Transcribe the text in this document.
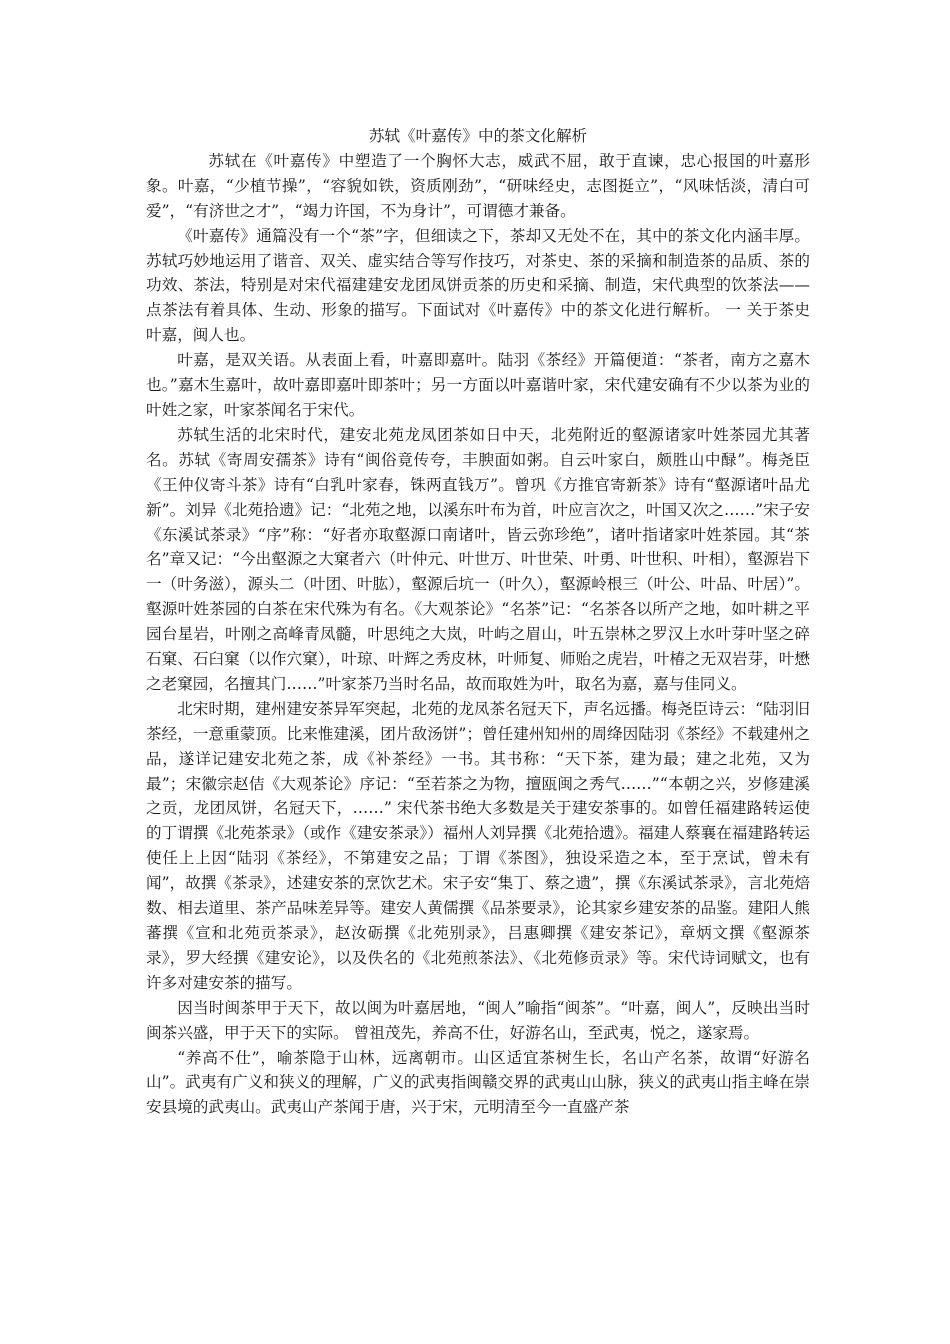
苏轼《叶嘉传》中的茶文化解析

苏轼在《叶嘉传》中塑造了一个胸怀大志，威武不屈，敢于直谏，忠心报国的叶嘉形象。叶嘉，“少植节操”，“容貌如铁，资质刚劲”，“研味经史，志图挺立”，“风味恬淡，清白可爱”，“有济世之才”，“竭力许国，不为身计”，可谓德才兼备。

《叶嘉传》通篇没有一个“茶”字，但细读之下，茶却又无处不在，其中的茶文化内涵丰厚。苏轼巧妙地运用了谐音、双关、虚实结合等写作技巧，对茶史、茶的采摘和制造茶的品质、茶的功效、茶法，特别是对宋代福建建安龙团凤饼贡茶的历史和采摘、制造，宋代典型的饮茶法——点茶法有着具体、生动、形象的描写。下面试对《叶嘉传》中的茶文化进行解析。 一 关于茶史 叶嘉，闽人也。

叶嘉，是双关语。从表面上看，叶嘉即嘉叶。陆羽《茶经》开篇便道：“茶者，南方之嘉木也。”嘉木生嘉叶，故叶嘉即嘉叶即茶叶；另一方面以叶嘉谐叶家，宋代建安确有不少以茶为业的叶姓之家，叶家茶闻名于宋代。

苏轼生活的北宋时代，建安北苑龙凤团茶如日中天，北苑附近的壑源诸家叶姓茶园尤其著名。苏轼《寄周安孺茶》诗有“闽俗竟传夸，丰腴面如粥。自云叶家白，颇胜山中醁”。梅尧臣《王仲仪寄斗茶》诗有“白乳叶家春，铢两直钱万”。曾巩《方推官寄新茶》诗有“壑源诸叶品尤新”。刘异《北苑拾遗》记：“北苑之地，以溪东叶布为首，叶应言次之，叶国又次之……”宋子安《东溪试茶录》“序”称：“好者亦取壑源口南诸叶，皆云弥珍绝”，诸叶指诸家叶姓茶园。其“茶名”章又记：“今出壑源之大窠者六（叶仲元、叶世万、叶世荣、叶勇、叶世积、叶相），壑源岩下一（叶务滋），源头二（叶团、叶肱），壑源后坑一（叶久），壑源岭根三（叶公、叶品、叶居）”。壑源叶姓茶园的白茶在宋代殊为有名。《大观茶论》“名茶”记：“名茶各以所产之地，如叶耕之平园台星岩，叶刚之高峰青凤髓，叶思纯之大岚，叶屿之眉山，叶五崇林之罗汉上水叶芽叶坚之碎石窠、石臼窠（以作穴窠），叶琼、叶辉之秀皮林，叶师复、师贻之虎岩，叶椿之无双岩芽，叶懋之老窠园，名擅其门……”叶家茶乃当时名品，故而取姓为叶，取名为嘉，嘉与佳同义。

北宋时期，建州建安茶异军突起，北苑的龙凤茶名冠天下，声名远播。梅尧臣诗云：“陆羽旧茶经，一意重蒙顶。比来惟建溪，团片敌汤饼”；曾任建州知州的周绛因陆羽《茶经》不载建州之品，遂详记建安北苑之茶，成《补茶经》一书。其书称：“天下茶，建为最；建之北苑，又为最”；宋徽宗赵佶《大观茶论》序记：“至若茶之为物，擅瓯闽之秀气……”“本朝之兴，岁修建溪之贡，龙团凤饼，名冠天下，……” 宋代茶书绝大多数是关于建安茶事的。如曾任福建路转运使的丁谓撰《北苑茶录》（或作《建安茶录》）福州人刘异撰《北苑拾遗》。福建人蔡襄在福建路转运使任上上因“陆羽《茶经》，不第建安之品；丁谓《茶图》，独设采造之本，至于烹试，曾未有闻”，故撰《茶录》，述建安茶的烹饮艺术。宋子安“集丁、蔡之遗”，撰《东溪试茶录》，言北苑焙数、相去道里、茶产品味差异等。建安人黄儒撰《品茶要录》，论其家乡建安茶的品鉴。建阳人熊蕃撰《宣和北苑贡茶录》，赵汝砺撰《北苑别录》，吕惠卿撰《建安茶记》，章炳文撰《壑源茶录》，罗大经撰《建安论》，以及佚名的《北苑煎茶法》、《北苑修贡录》等。宋代诗词赋文，也有许多对建安茶的描写。

因当时闽茶甲于天下，故以闽为叶嘉居地，“闽人”喻指“闽茶”。“叶嘉，闽人”，反映出当时闽茶兴盛，甲于天下的实际。 曾祖茂先，养高不仕，好游名山，至武夷，悦之，遂家焉。

“养高不仕”，喻茶隐于山林，远离朝市。山区适宜茶树生长，名山产名茶，故谓“好游名山”。武夷有广义和狭义的理解，广义的武夷指闽赣交界的武夷山山脉，狭义的武夷山指主峰在崇安县境的武夷山。武夷山产茶闻于唐，兴于宋，元明清至今一直盛产茶
